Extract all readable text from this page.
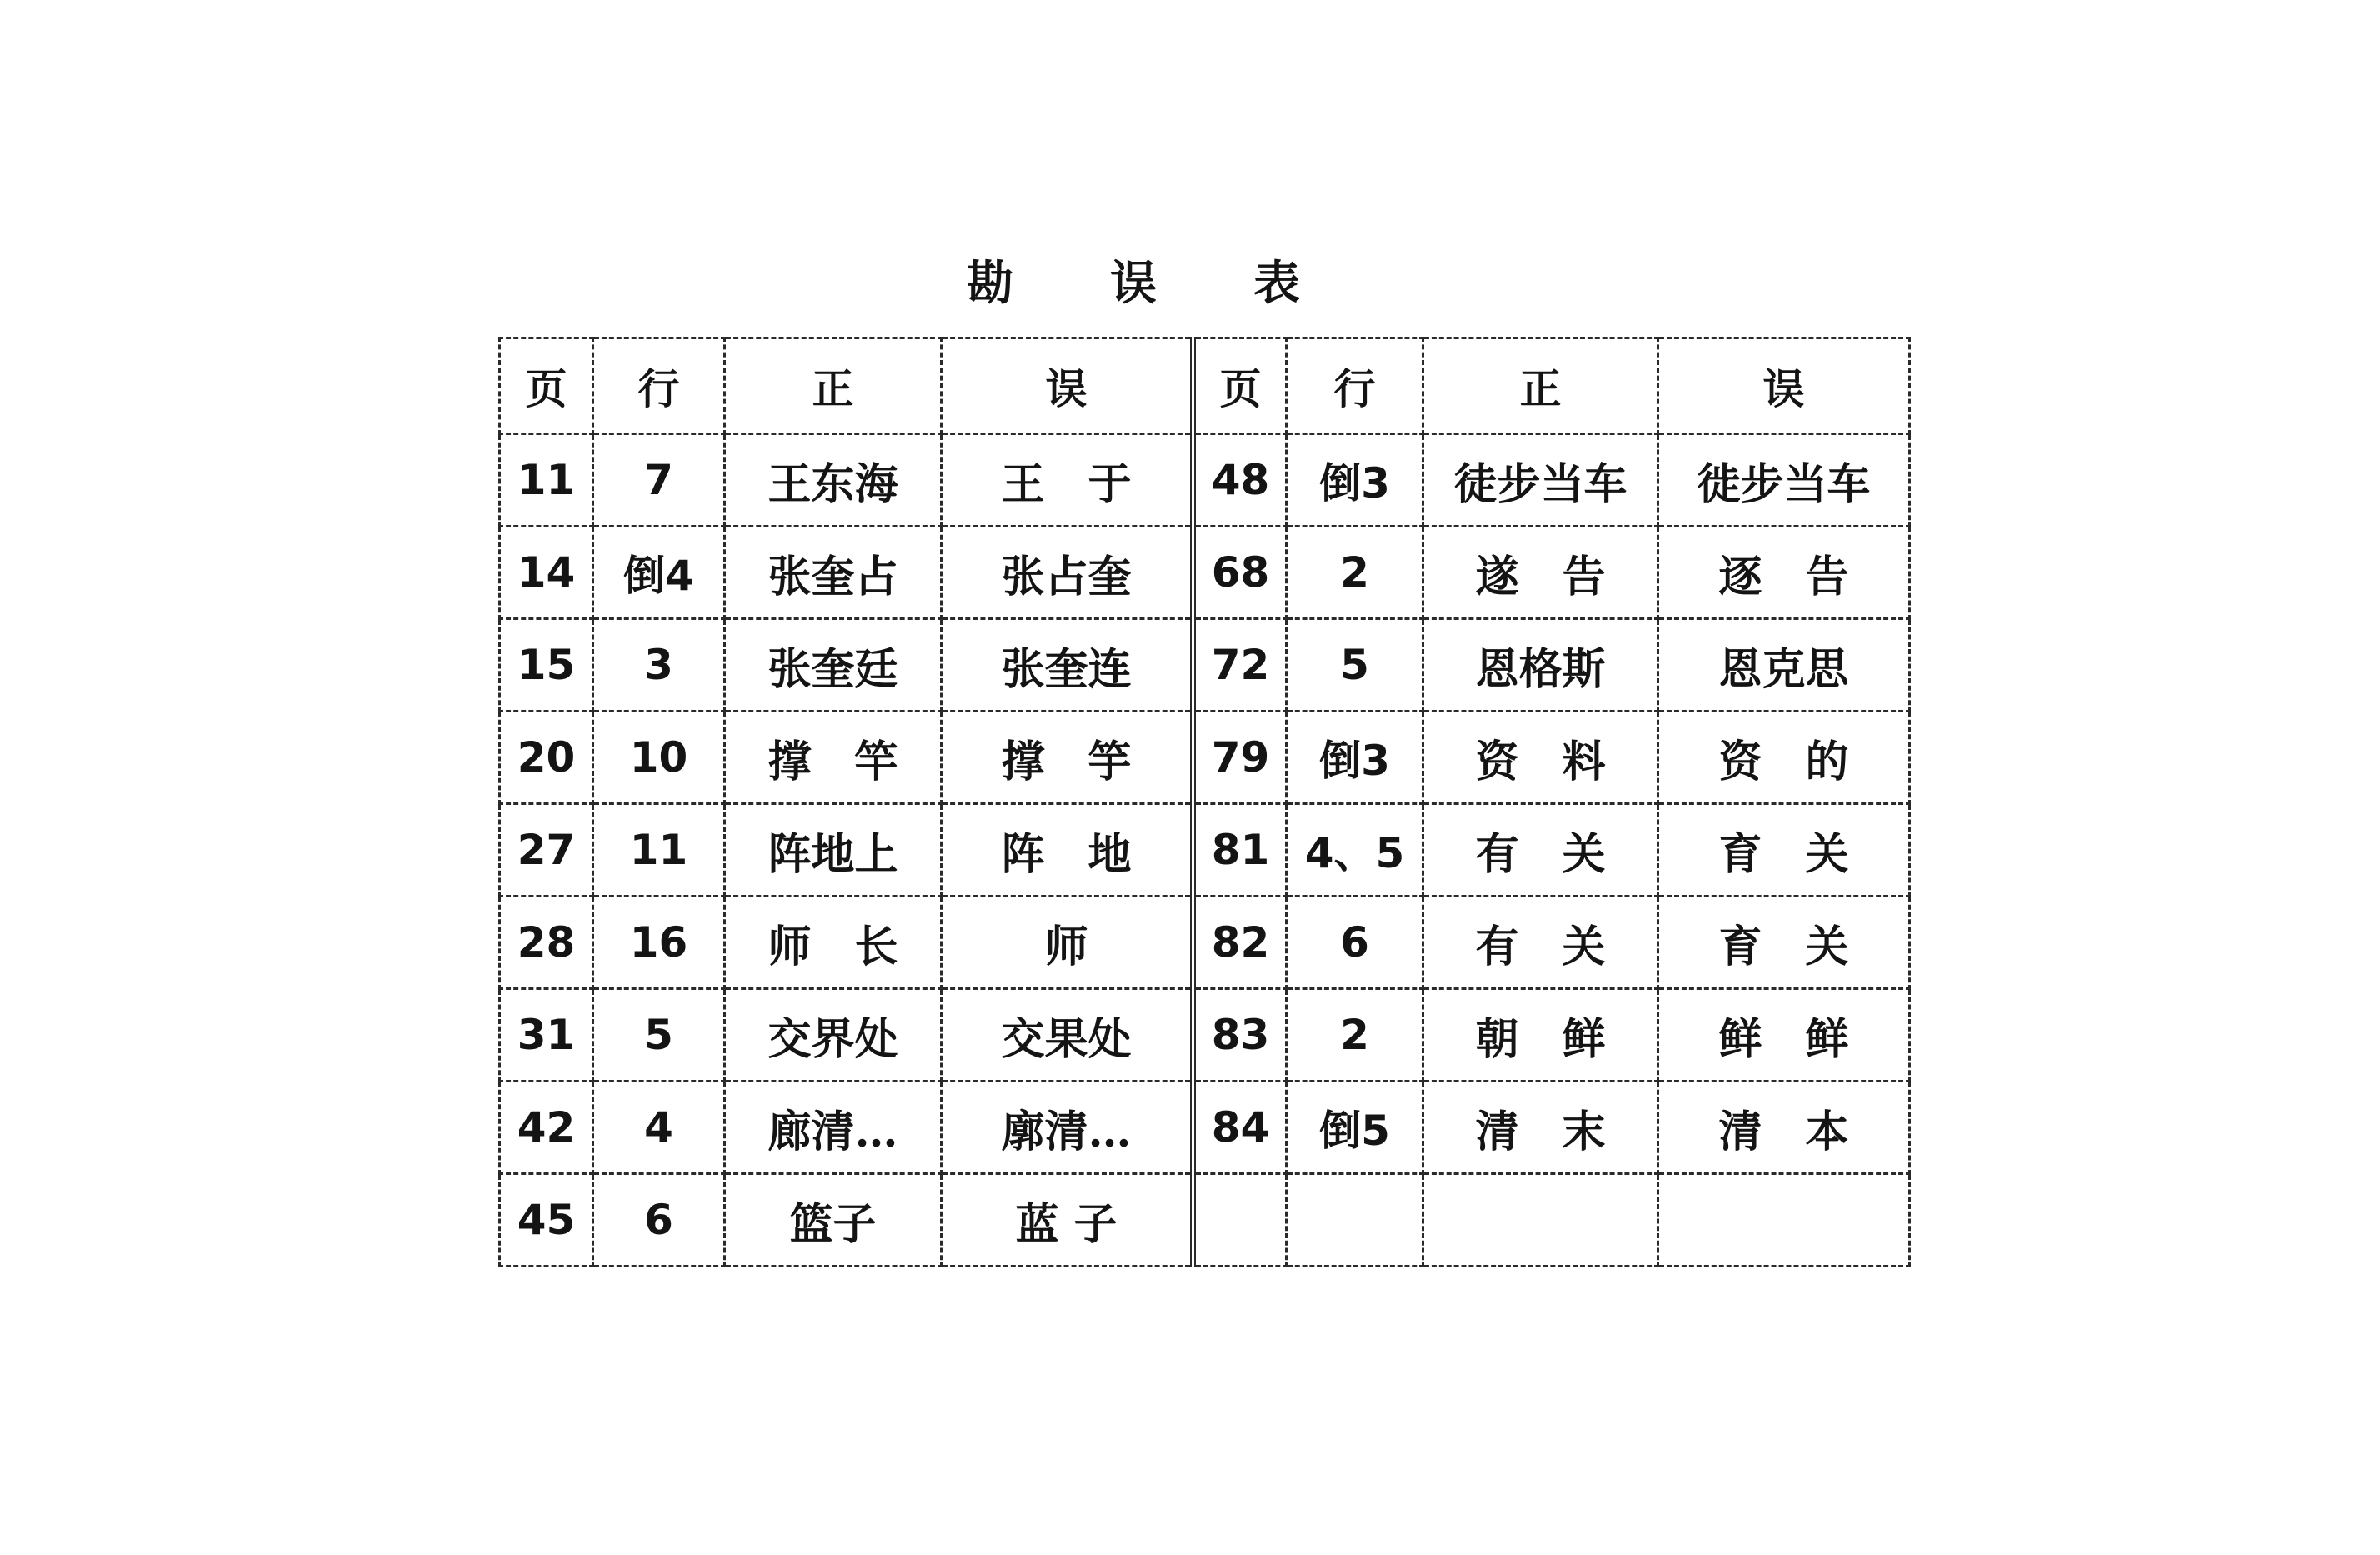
勘 误 表
页	行	正	误	页	行	正	误
11	7	王东海	王　于	48	倒3	徒步当车	徙步当车
14	倒4	张奎占	张占奎	68	2	遂　告	逐　告
15	3	张奎廷	张奎连	72	5	恩格斯	恩克思
20	10	撑　竿	撑　竽	79	倒3	资　料	资　的
27	11	阵地上	阵　地	81	4、5	有　关	育　关
28	16	师　长	师	82	6	有　关	育　关
31	5	交界处	交果处	83	2	朝　鲜	鲜　鲜
42	4	廊清…	廓清…	84	倒5	清　末	清　本
45	6	篮子	蓝 子				
